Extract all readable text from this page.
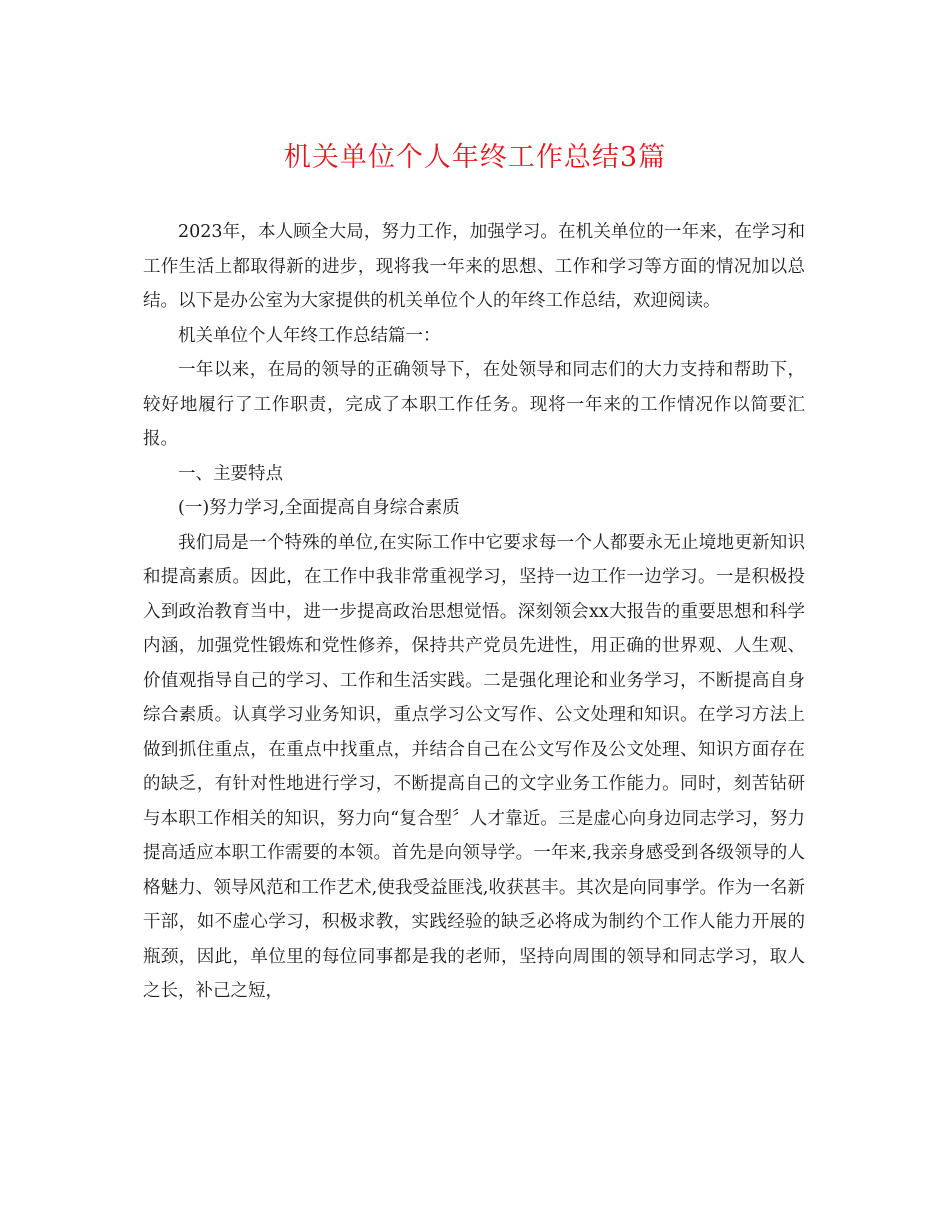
机关单位个人年终工作总结3篇

2023年，本人顾全大局，努力工作，加强学习。在机关单位的一年来，在学习和工作生活上都取得新的进步，现将我一年来的思想、工作和学习等方面的情况加以总结。以下是办公室为大家提供的机关单位个人的年终工作总结，欢迎阅读。

机关单位个人年终工作总结篇一：

一年以来，在局的领导的正确领导下，在处领导和同志们的大力支持和帮助下，较好地履行了工作职责，完成了本职工作任务。现将一年来的工作情况作以简要汇报。

一、主要特点

(一)努力学习,全面提高自身综合素质

我们局是一个特殊的单位,在实际工作中它要求每一个人都要永无止境地更新知识和提高素质。因此，在工作中我非常重视学习，坚持一边工作一边学习。一是积极投入到政治教育当中，进一步提高政治思想觉悟。深刻领会xx大报告的重要思想和科学内涵，加强党性锻炼和党性修养，保持共产党员先进性，用正确的世界观、人生观、价值观指导自己的学习、工作和生活实践。二是强化理论和业务学习，不断提高自身综合素质。认真学习业务知识，重点学习公文写作、公文处理和知识。在学习方法上做到抓住重点，在重点中找重点，并结合自己在公文写作及公文处理、知识方面存在的缺乏，有针对性地进行学习，不断提高自己的文字业务工作能力。同时，刻苦钻研与本职工作相关的知识，努力向“复合型〞人才靠近。三是虚心向身边同志学习，努力提高适应本职工作需要的本领。首先是向领导学。一年来,我亲身感受到各级领导的人格魅力、领导风范和工作艺术,使我受益匪浅,收获甚丰。其次是向同事学。作为一名新干部，如不虚心学习，积极求教，实践经验的缺乏必将成为制约个工作人能力开展的瓶颈，因此，单位里的每位同事都是我的老师，坚持向周围的领导和同志学习，取人之长，补己之短，
